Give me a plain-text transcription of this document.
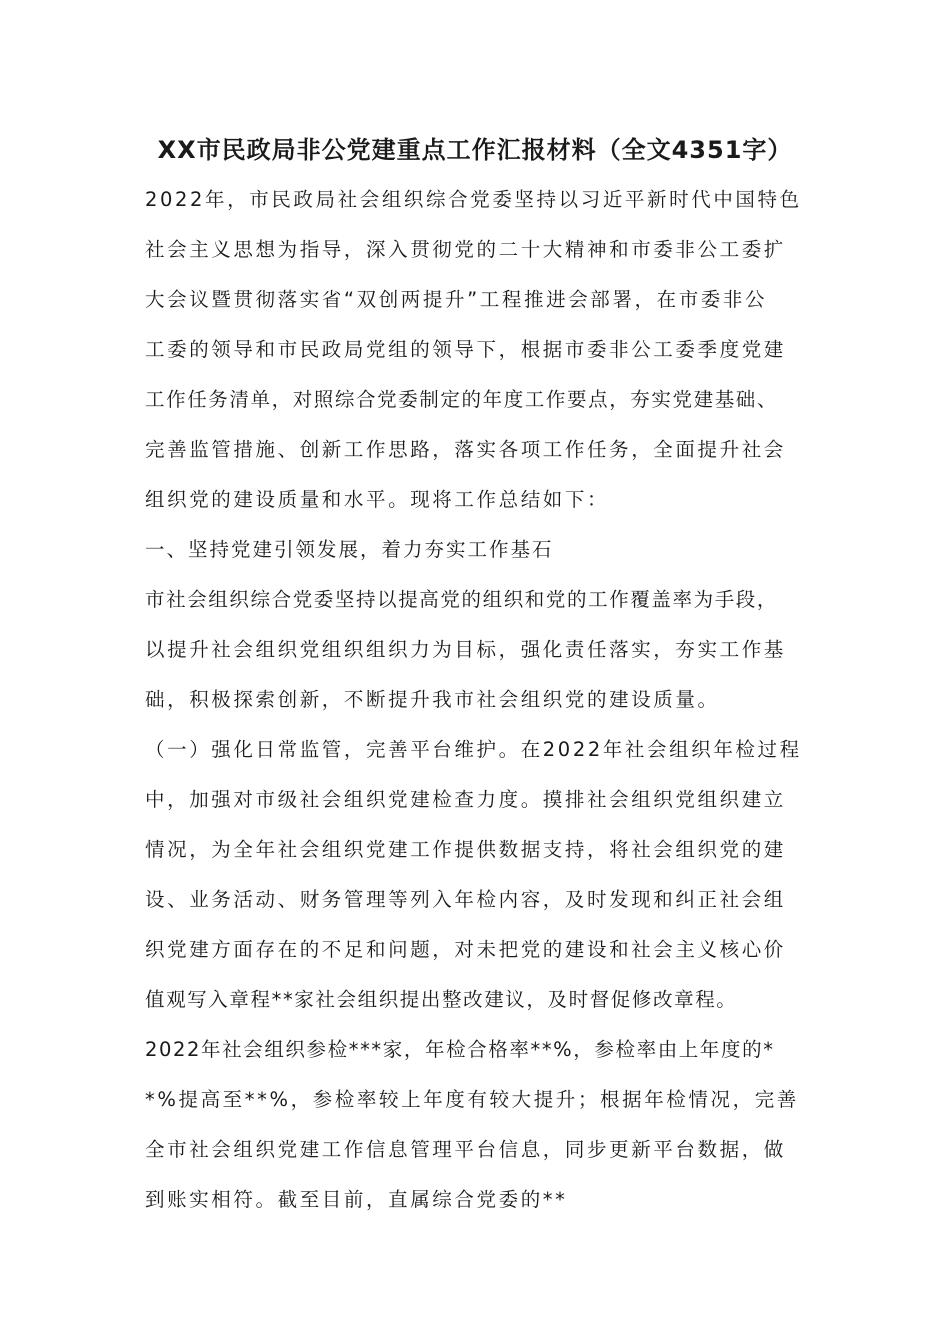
XX市民政局非公党建重点工作汇报材料（全文4351字）
2022年，市民政局社会组织综合党委坚持以习近平新时代中国特色
社会主义思想为指导，深入贯彻党的二十大精神和市委非公工委扩
大会议暨贯彻落实省“双创两提升”工程推进会部署，在市委非公
工委的领导和市民政局党组的领导下，根据市委非公工委季度党建
工作任务清单，对照综合党委制定的年度工作要点，夯实党建基础、
完善监管措施、创新工作思路，落实各项工作任务，全面提升社会
组织党的建设质量和水平。现将工作总结如下：
一、坚持党建引领发展，着力夯实工作基石
市社会组织综合党委坚持以提高党的组织和党的工作覆盖率为手段，
以提升社会组织党组织组织力为目标，强化责任落实，夯实工作基
础，积极探索创新，不断提升我市社会组织党的建设质量。
（一）强化日常监管，完善平台维护。在2022年社会组织年检过程
中，加强对市级社会组织党建检查力度。摸排社会组织党组织建立
情况，为全年社会组织党建工作提供数据支持，将社会组织党的建
设、业务活动、财务管理等列入年检内容，及时发现和纠正社会组
织党建方面存在的不足和问题，对未把党的建设和社会主义核心价
值观写入章程**家社会组织提出整改建议，及时督促修改章程。
2022年社会组织参检***家，年检合格率**%，参检率由上年度的*
*%提高至**%，参检率较上年度有较大提升；根据年检情况，完善
全市社会组织党建工作信息管理平台信息，同步更新平台数据，做
到账实相符。截至目前，直属综合党委的**
